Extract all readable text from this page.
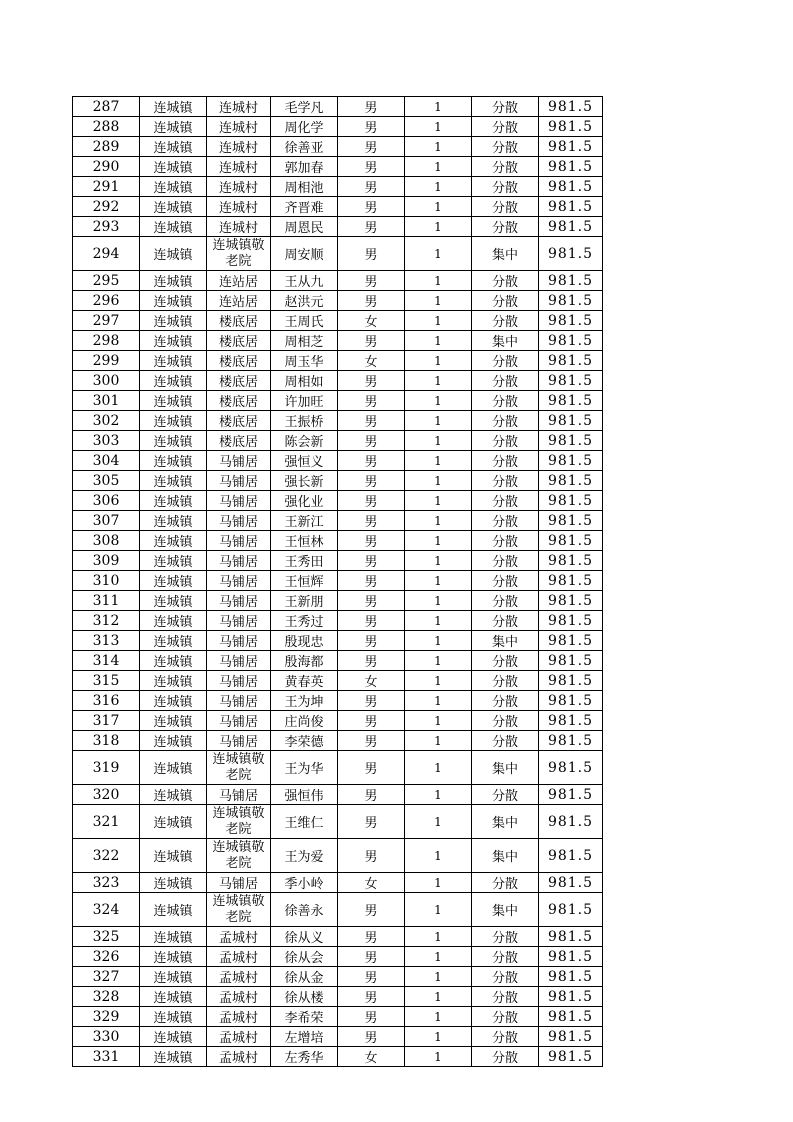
287	连城镇	连城村	毛学凡	男	1	分散	981.5
288	连城镇	连城村	周化学	男	1	分散	981.5
289	连城镇	连城村	徐善亚	男	1	分散	981.5
290	连城镇	连城村	郭加春	男	1	分散	981.5
291	连城镇	连城村	周相池	男	1	分散	981.5
292	连城镇	连城村	齐晋难	男	1	分散	981.5
293	连城镇	连城村	周恩民	男	1	分散	981.5
294	连城镇	连城镇敬老院	周安顺	男	1	集中	981.5
295	连城镇	连站居	王从九	男	1	分散	981.5
296	连城镇	连站居	赵洪元	男	1	分散	981.5
297	连城镇	楼底居	王周氏	女	1	分散	981.5
298	连城镇	楼底居	周相芝	男	1	集中	981.5
299	连城镇	楼底居	周玉华	女	1	分散	981.5
300	连城镇	楼底居	周相如	男	1	分散	981.5
301	连城镇	楼底居	许加旺	男	1	分散	981.5
302	连城镇	楼底居	王振桥	男	1	分散	981.5
303	连城镇	楼底居	陈会新	男	1	分散	981.5
304	连城镇	马铺居	强恒义	男	1	分散	981.5
305	连城镇	马铺居	强长新	男	1	分散	981.5
306	连城镇	马铺居	强化业	男	1	分散	981.5
307	连城镇	马铺居	王新江	男	1	分散	981.5
308	连城镇	马铺居	王恒林	男	1	分散	981.5
309	连城镇	马铺居	王秀田	男	1	分散	981.5
310	连城镇	马铺居	王恒辉	男	1	分散	981.5
311	连城镇	马铺居	王新朋	男	1	分散	981.5
312	连城镇	马铺居	王秀过	男	1	分散	981.5
313	连城镇	马铺居	殷现忠	男	1	集中	981.5
314	连城镇	马铺居	殷海都	男	1	分散	981.5
315	连城镇	马铺居	黄春英	女	1	分散	981.5
316	连城镇	马铺居	王为坤	男	1	分散	981.5
317	连城镇	马铺居	庄尚俊	男	1	分散	981.5
318	连城镇	马铺居	李荣德	男	1	分散	981.5
319	连城镇	连城镇敬老院	王为华	男	1	集中	981.5
320	连城镇	马铺居	强恒伟	男	1	分散	981.5
321	连城镇	连城镇敬老院	王维仁	男	1	集中	981.5
322	连城镇	连城镇敬老院	王为爱	男	1	集中	981.5
323	连城镇	马铺居	季小岭	女	1	分散	981.5
324	连城镇	连城镇敬老院	徐善永	男	1	集中	981.5
325	连城镇	孟城村	徐从义	男	1	分散	981.5
326	连城镇	孟城村	徐从会	男	1	分散	981.5
327	连城镇	孟城村	徐从金	男	1	分散	981.5
328	连城镇	孟城村	徐从楼	男	1	分散	981.5
329	连城镇	孟城村	李希荣	男	1	分散	981.5
330	连城镇	孟城村	左增培	男	1	分散	981.5
331	连城镇	孟城村	左秀华	女	1	分散	981.5
